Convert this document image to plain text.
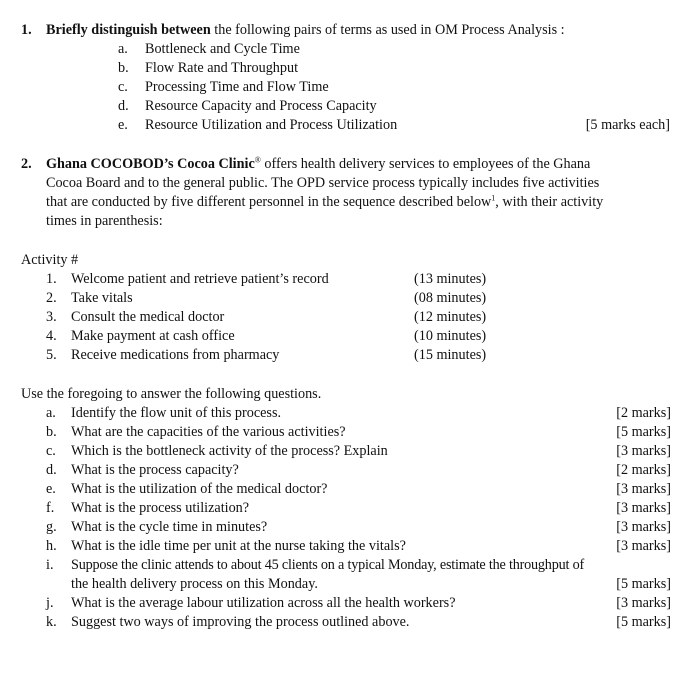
1. Briefly distinguish between the following pairs of terms as used in OM Process Analysis :
a. Bottleneck and Cycle Time
b. Flow Rate and Throughput
c. Processing Time and Flow Time
d. Resource Capacity and Process Capacity
e. Resource Utilization and Process Utilization	[5 marks each]
2. Ghana COCOBOD’s Cocoa Clinic® offers health delivery services to employees of the Ghana
Cocoa Board and to the general public. The OPD service process typically includes five activities
that are conducted by five different personnel in the sequence described below$^1$, with their activity
times in parenthesis:
Activity #
1. Welcome patient and retrieve patient’s record	(13 minutes)
2. Take vitals	(08 minutes)
3. Consult the medical doctor	(12 minutes)
4. Make payment at cash office	(10 minutes)
5. Receive medications from pharmacy	(15 minutes)
Use the foregoing to answer the following questions.
a. Identify the flow unit of this process.	[2 marks]
b. What are the capacities of the various activities?	[5 marks]
c. Which is the bottleneck activity of the process? Explain	[3 marks]
d. What is the process capacity?	[2 marks]
e. What is the utilization of the medical doctor?	[3 marks]
f. What is the process utilization?	[3 marks]
g. What is the cycle time in minutes?	[3 marks]
h. What is the idle time per unit at the nurse taking the vitals?	[3 marks]
i. Suppose the clinic attends to about 45 clients on a typical Monday, estimate the throughput of
the health delivery process on this Monday.	[5 marks]
j. What is the average labour utilization across all the health workers?	[3 marks]
k. Suggest two ways of improving the process outlined above.	[5 marks]
